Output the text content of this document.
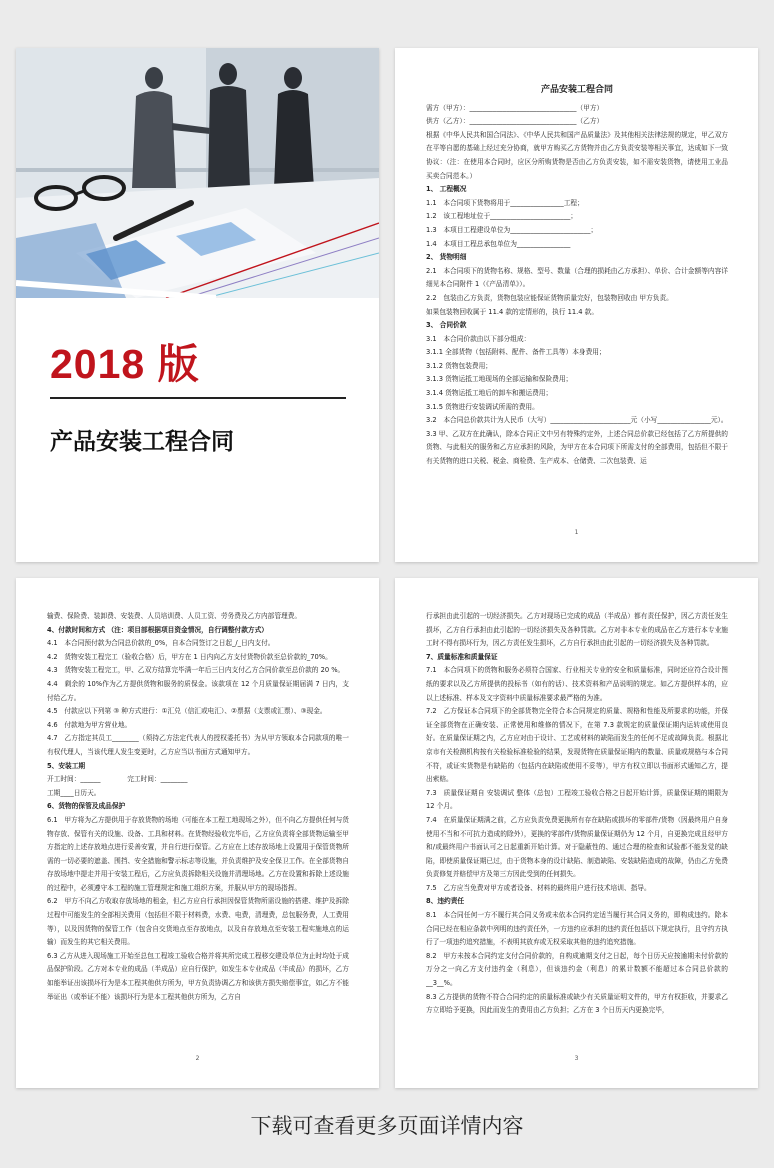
2018 版
产品安装工程合同

产品安装工程合同

需方（甲方）：________________________________（甲方）

供方（乙方）：________________________________（乙方）

根据《中华人民共和国合同法》、《中华人民共和国产品质量法》及其他相关法律法规的规定，甲乙双方在平等自愿的基础上经过充分协商，就甲方购买乙方货物并由乙方负责安装等相关事宜，达成如下一致协议：（注：在使用本合同时，应区分所购货物是否由乙方负责安装，如不需安装货物，请使用工业品买卖合同范本。）

1、 工程概况

1.1　本合同项下货物将用于________________工程；

1.2　该工程地址位于________________________；

1.3　本项目工程建设单位为________________________；

1.4　本项目工程总承包单位为________________

2、 货物明细

2.1　本合同项下的货物名称、规格、型号、数量（合理的损耗由乙方承担）、单价、合计金额等内容详细见本合同附件 1（《产品清单》）。

2.2　包装由乙方负责，货物包装应能保证货物质量完好，包装物回收由 甲方负责。

如果包装物回收属于 11.4 款的定情形的，执行 11.4 款。

3、 合同价款

3.1　本合同价款由以下部分组成：

3.1.1 全部货物（包括附料、配件、备件工具等）本身费用；

3.1.2 货物包装费用；

3.1.3 货物运抵工地现场的全部运输和保险费用；

3.1.4 货物运抵工地后的卸车和搬运费用；

3.1.5 货物进行安装调试所需的费用。

3.2　本合同总价款共计为人民币（大写）________________________元（小写________________元）。

3.3 甲、乙双方在此确认，除本合同正文中另有特殊约定外，上述合同总价款已经包括了乙方所提供的货物、与此相关的服务和乙方应承担的风险，为甲方在本合同项下所需支付的全部费用，包括但不限于有关货物的进口关税、税金、商检费、生产成本、仓储费、二次包装费、运

1

输费、保险费、装卸费、安装费、人员培训费、人员工资、劳务费及乙方内部管理费。

4、付款时间和方式 （注：项目部根据项目资金情况，自行调整付款方式）

4.1　本合同预付款为合同总价款的_0%，自本合同签订之日起_/_日内支付。

4.2　货物安装工程完工（验收合格）后，甲方在 1 日内向乙方支付货物价款至总价款的_70%。

4.3　货物安装工程完工，甲、乙双方结算完毕满一年后三日内支付乙方合同价款至总价款的 20 %。

4.4　剩余的 10%作为乙方提供货物和服务的质保金。该款项在 12 个月质量保证期届满 7 日内，支付给乙方。

4.5　付款应以下列第 ③ 种方式进行：①汇兑（信汇或电汇）、②票据（支票或汇票）、③现金。

4.6　付款地为甲方营业地。

4.7　乙方指定其员工________（须持乙方法定代表人的授权委托书）为从甲方领取本合同款项的唯一有权代理人，当该代理人发生变更时，乙方应当以书面方式通知甲方。

5、安装工期

开工时间：______　　　　完工时间：________

工期____日历天。

6、货物的保管及成品保护

6.1　甲方将为乙方提供用于存放货物的场地（可能在本工程工地现场之外），但不向乙方提供任何与货物存放、保管有关的设施、设备、工具和材料。在货物经验收完毕后，乙方应负责将全部货物运输至甲方指定的上述存放地点进行妥善安置，并自行进行保管。乙方应在上述存放场地上设置用于保管货物所需的一切必要的遮盖、围挡、安全措施和警示标志等设施，并负责维护及安全保卫工作。在全部货物自存放场地中提走并用于安装工程后，乙方应负责拆除相关设施并清理场地。乙方在设置和拆除上述设施的过程中，必须遵守本工程的施工管理规定和施工组织方案，并服从甲方的现场指挥。

6.2　甲方不向乙方收取存放场地的租金，但乙方应自行承担因保管货物所需设施的搭建、维护及拆除过程中可能发生的全部相关费用（包括但不限于材料费，水费、电费，清理费，总包服务费，人工费用等），以及因货物的保管工作（包含自交货地点至存放地点，以及自存放地点至安装工程实施地点的运输）而发生的其它相关费用。

6.3 乙方从进入现场施工开始至总包工程竣工验收合格并将其所完成工程移交建设单位为止时均处于成品保护阶段。乙方对本专业的成品（半成品）应自行保护，如发生本专业成品（半成品）的损坏，乙方如能举证出该损坏行为是本工程其他供方所为，甲方负责协调乙方和该供方损失赔偿事宜，如乙方不能举证出（或举证不能）该损坏行为是本工程其他供方所为，乙方自

2

行承担由此引起的一切经济损失。乙方对现场已完成的成品（半成品）都有责任保护，因乙方责任发生损坏，乙方自行承担由此引起的一切经济损失及各种罚款。乙方对非本专业的成品在乙方进行本专业施工时不得有损坏行为，因乙方责任发生损坏，乙方自行承担由此引起的一切经济损失及各种罚款。

7、质量标准和质量保证

7.1　本合同项下的货物和服务必须符合国家、行业相关专业的安全和质量标准，同时还应符合设计图纸的要求以及乙方所提供的投标书（如有的话）、技术资料和产品说明的规定。如乙方提供样本的，应以上述标准、样本及文字资料中质量标准要求最严格的为准。

7.2　乙方保证本合同项下的全部货物完全符合本合同规定的质量、规格和性能及所要求的功能，并保证全部货物在正确安装、正常使用和维修的情况下，在第 7.3 款规定的质量保证期内运转或使用良好。在质量保证期之内，乙方应对由于设计、工艺或材料的缺陷而发生的任何不足或故障负责。根据北京市有关检测机构按有关检验标准检验的结果，发现货物在质量保证期内的数量、质量或规格与本合同不符，或证实货物是有缺陷的（包括内在缺陷或使用不妥等），甲方有权立即以书面形式通知乙方，提出索赔。

7.3　质量保证期自 安装调试 整体（总包）工程竣工验收合格之日起开始计算，质量保证期的期限为 12 个月。

7.4　在质量保证期满之前，乙方应负责免费更换所有存在缺陷或损坏的零部件/货物（因最终用户自身使用不当和不可抗力造成的除外），更换的零部件/货物质量保证期仍为 12 个月，自更换完成且经甲方和/或最终用户书面认可之日起重新开始计算。对于隐蔽性的、通过合理的检查和试验都不能发觉的缺陷，即使质量保证期已过，由于货物本身的设计缺陷、制造缺陷、安装缺陷造成的故障，仍由乙方免费负责修复并赔偿甲方及第三方因此受到的任何损失。

7.5　乙方应当免费对甲方或者设备、材料的最终用户进行技术培训、指导。

8、违约责任

8.1　本合同任何一方不履行其合同义务或未依本合同约定适当履行其合同义务的，即构成违约。除本合同已经在相应条款中列明的违约责任外，一方违约应承担的违约责任包括以下规定执行，且守约方执行了一项违约追究措施，不表明其放弃或无权采取其他的违约追究措施。

8.2　甲方未按本合同约定支付合同价款的，自构成逾期支付之日起，每个日历天应按逾期未付价款的万分之一向乙方支付违约金（利息），但该违约金（利息）的累计数额不能超过本合同总价款的__3__%。

8.3 乙方提供的货物不符合合同约定的质量标准或缺少有关质量证明文件的，甲方有权拒收，并要求乙方立即给予更换，因此而发生的费用由乙方负担；乙方在 3 个日历天内更换完毕，

3
下载可查看更多页面详情内容
